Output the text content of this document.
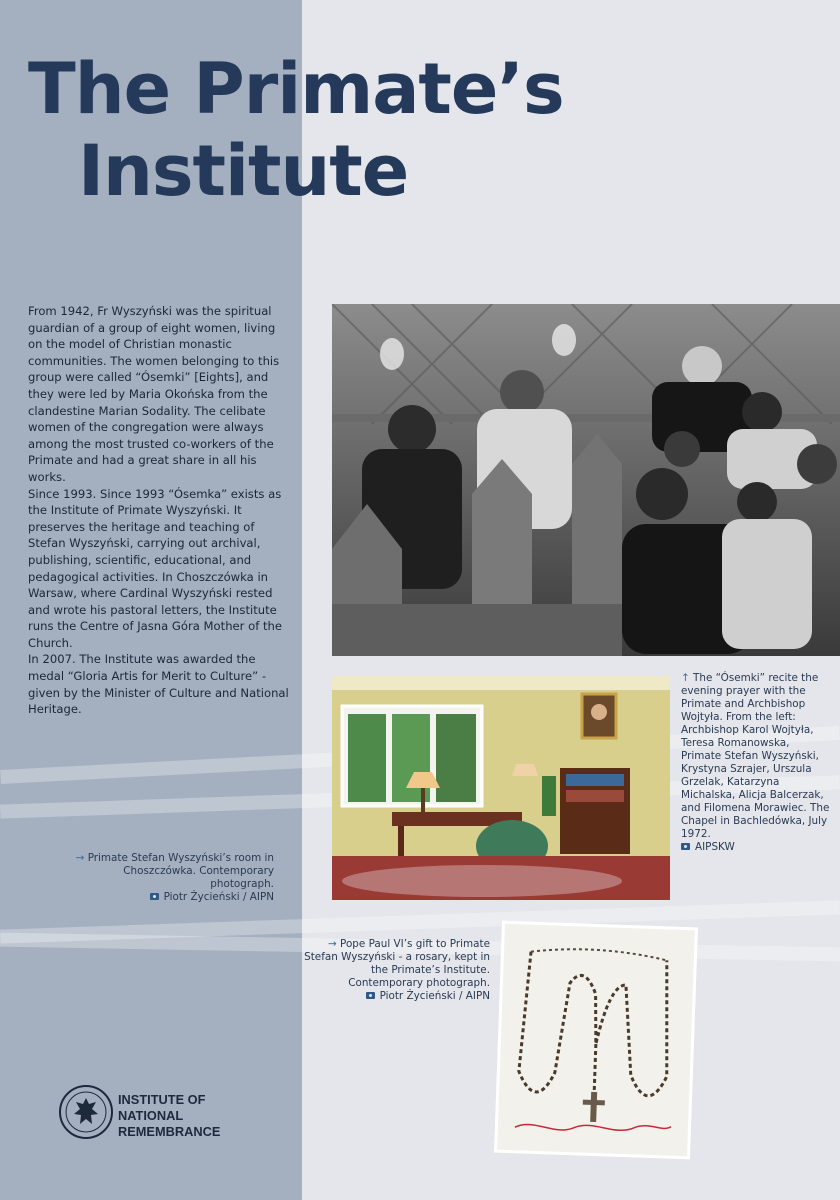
The Primate’s

Institute

From 1942, Fr Wyszyński was the spiritual guardian of a group of eight women, living on the model of Christian monastic communities. The women belonging to this group were called “Ósemki” [Eights], and they were led by Maria Okońska from the clandestine Marian Sodality. The celibate women of the congregation were always among the most trusted co-workers of the Primate and had a great share in all his works.

Since 1993. Since 1993 “Ósemka” exists as the Institute of Primate Wyszyński. It preserves the heritage and teaching of Stefan Wyszyński, carrying out archival, publishing, scientific, educational, and pedagogical activities. In Choszczówka in Warsaw, where Cardinal Wyszyński rested and wrote his pastoral letters, the Institute runs the Centre of Jasna Góra Mother of the Church.

In 2007. The Institute was awarded the medal “Gloria Artis for Merit to Culture” - given by the Minister of Culture and National Heritage.

↑ The “Ósemki” recite the evening prayer with the Primate and Archbishop Wojtyła. From the left: Archbishop Karol Wojtyła, Teresa Romanowska, Primate Stefan Wyszyński, Krystyna Szrajer, Urszula Grzelak, Katarzyna Michalska, Alicja Balcerzak, and Filomena Morawiec. The Chapel in Bachledówka, July 1972.
AIPSKW
→ Primate Stefan Wyszyński’s room in Choszczówka. Contemporary photograph.
Piotr Życieński / AIPN
→ Pope Paul VI’s gift to Primate Stefan Wyszyński - a rosary, kept in the Primate’s Institute. Contemporary photograph.
Piotr Życieński / AIPN
INSTITUTE OF
NATIONAL
REMEMBRANCE
